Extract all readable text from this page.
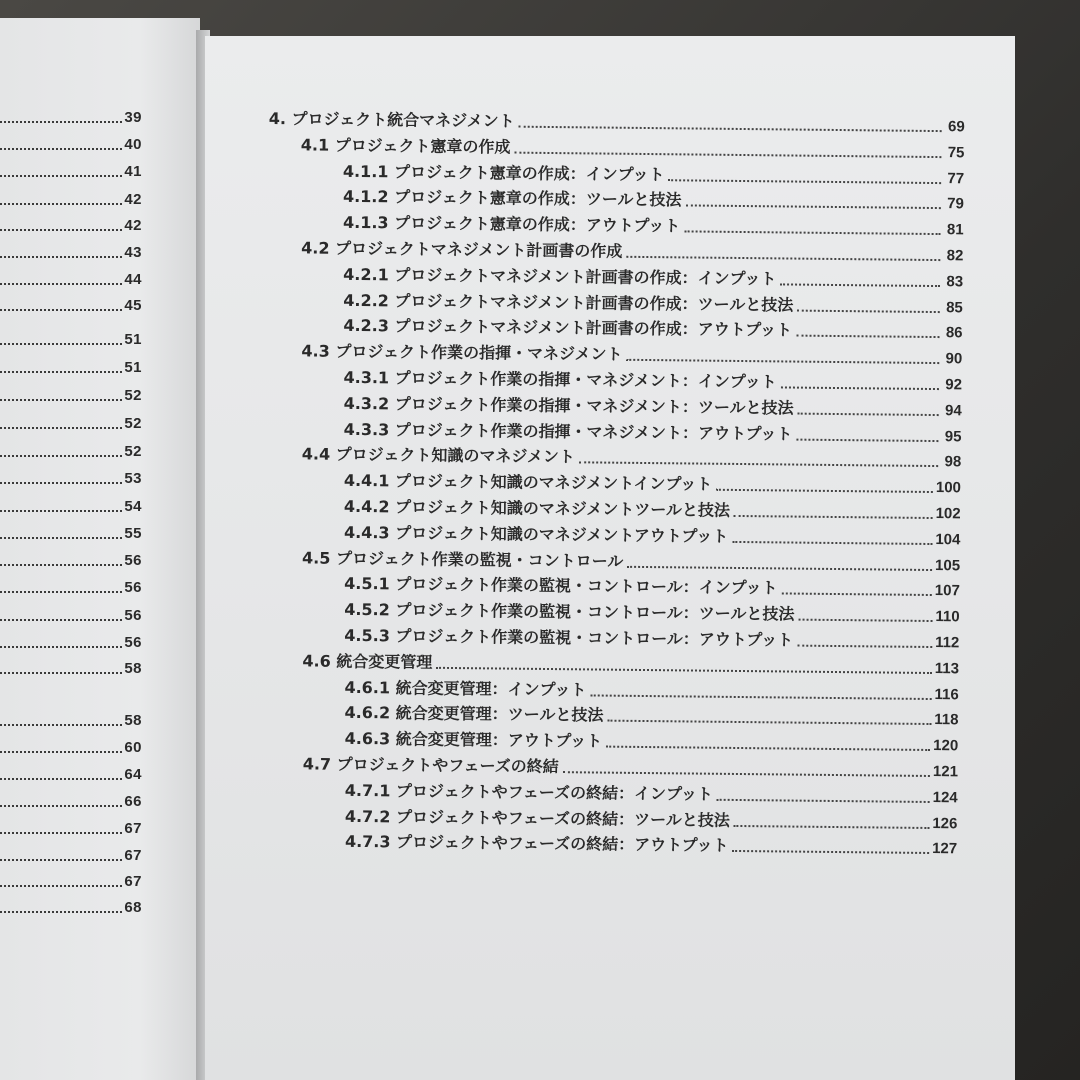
39
40
41
42
42
43
44
45
51
51
52
52
52
53
54
55
56
56
56
56
58
58
60
64
66
67
67
67
68
4. プロジェクト統合マネジメント	69
4.1 プロジェクト憲章の作成	75
4.1.1 プロジェクト憲章の作成：インプット	77
4.1.2 プロジェクト憲章の作成：ツールと技法	79
4.1.3 プロジェクト憲章の作成：アウトプット	81
4.2 プロジェクトマネジメント計画書の作成	82
4.2.1 プロジェクトマネジメント計画書の作成：インプット	83
4.2.2 プロジェクトマネジメント計画書の作成：ツールと技法	85
4.2.3 プロジェクトマネジメント計画書の作成：アウトプット	86
4.3 プロジェクト作業の指揮・マネジメント	90
4.3.1 プロジェクト作業の指揮・マネジメント：インプット	92
4.3.2 プロジェクト作業の指揮・マネジメント：ツールと技法	94
4.3.3 プロジェクト作業の指揮・マネジメント：アウトプット	95
4.4 プロジェクト知識のマネジメント	98
4.4.1 プロジェクト知識のマネジメントインプット	100
4.4.2 プロジェクト知識のマネジメントツールと技法	102
4.4.3 プロジェクト知識のマネジメントアウトプット	104
4.5 プロジェクト作業の監視・コントロール	105
4.5.1 プロジェクト作業の監視・コントロール：インプット	107
4.5.2 プロジェクト作業の監視・コントロール：ツールと技法	110
4.5.3 プロジェクト作業の監視・コントロール：アウトプット	112
4.6 統合変更管理	113
4.6.1 統合変更管理：インプット	116
4.6.2 統合変更管理：ツールと技法	118
4.6.3 統合変更管理：アウトプット	120
4.7 プロジェクトやフェーズの終結	121
4.7.1 プロジェクトやフェーズの終結：インプット	124
4.7.2 プロジェクトやフェーズの終結：ツールと技法	126
4.7.3 プロジェクトやフェーズの終結：アウトプット	127
